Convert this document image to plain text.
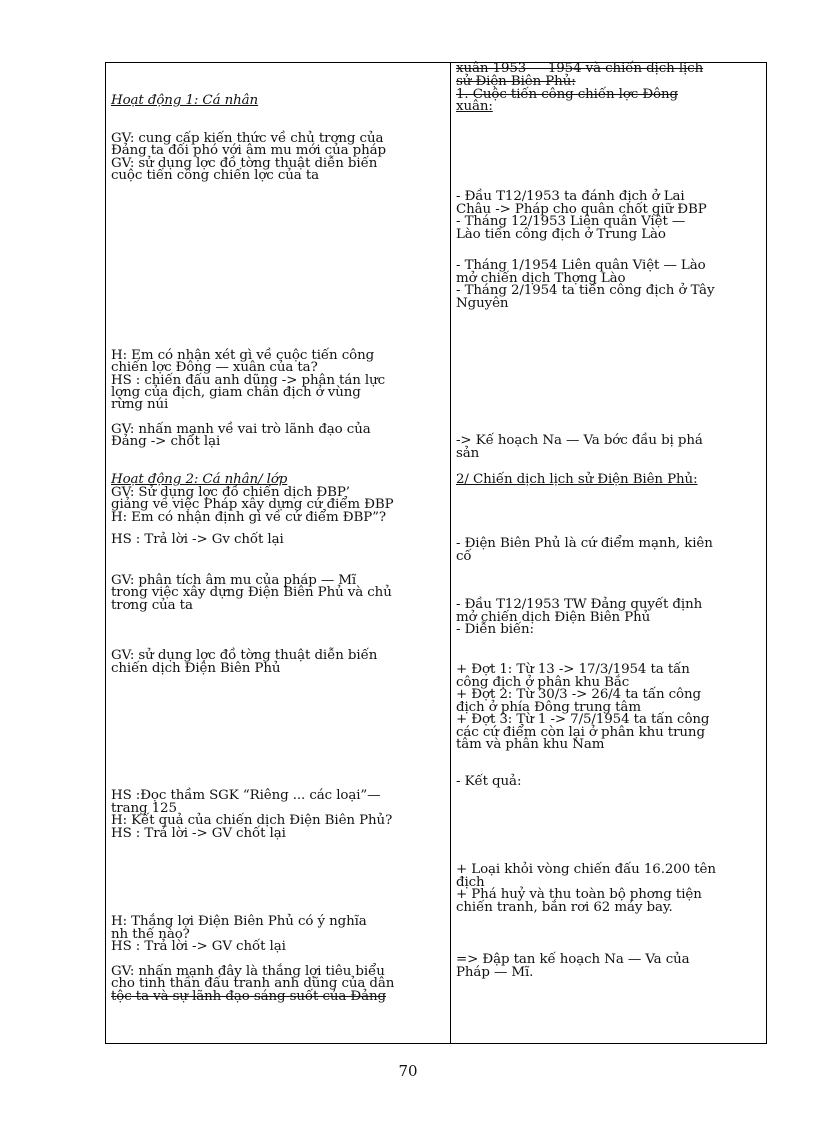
Hoạt động 1: Cá nhân
GV: cung cấp kiến thức về chủ trơng của
Đảng ta đối phó với âm mu mới của pháp
GV: sử dụng lợc đồ tờng thuật diễn biến
cuộc tiến công chiến lợc của ta
H: Em có nhận xét gì về cuộc tiến công
chiến lợc Đông — xuân của ta?
HS : chiến đấu anh dũng -> phân tán lực
lợng của địch, giam chân địch ở vùng
rừng núi
GV: nhấn mạnh về vai trò lãnh đạo của
Đảng -> chốt lại
Hoạt động 2: Cá nhân/ lớp
GV: Sử dụng lợc đồ chiến dịch ĐBP’
giảng về việc Pháp xây dựng cứ điểm ĐBP
H: Em có nhận định gì về cứ điểm ĐBP”?
HS : Trả lời -> Gv chốt lại
GV: phân tích âm mu của pháp — Mĩ
trong việc xây dựng Điện Biên Phủ và chủ
trơng của ta
GV: sử dụng lợc đồ tờng thuật diễn biến
chiến dịch Điện Biên Phủ
HS :Đọc thầm SGK “Riêng ... các loại”—
trang 125
H: Kết quả của chiến dịch Điện Biên Phủ?
HS : Trả lời -> GV chốt lại
H: Thắng lợi Điện Biên Phủ có ý nghĩa
nh thế nào?
HS : Trả lời -> GV chốt lại
GV: nhấn mạnh đây là thắng lợi tiêu biểu
cho tinh thần đấu tranh anh dũng của dân
tộc ta và sự lãnh đạo sáng suốt của Đảng
xuân 1953 — 1954 và chiến dịch lịch
sử Điện Biên Phủ:
1. Cuộc tiến công chiến lợc Đông
xuân:
- Đầu T12/1953 ta đánh địch ở Lai
Châu -> Pháp cho quân chốt giữ ĐBP
- Tháng 12/1953 Liên quân Việt —
Lào tiến công địch ở Trung Lào
- Tháng 1/1954 Liên quân Việt — Lào
mở chiến dịch Thợng Lào
- Tháng 2/1954 ta tiến công địch ở Tây
Nguyên
-> Kế hoạch Na — Va bớc đầu bị phá
sản
2/ Chiến dịch lịch sử Điện Biên Phủ:
- Điện Biên Phủ là cứ điểm mạnh, kiên
cố
- Đầu T12/1953 TW Đảng quyết định
mở chiến dịch Điện Biên Phủ
- Diễn biến:
+ Đợt 1: Từ 13 -> 17/3/1954 ta tấn
công địch ở phân khu Bắc
+ Đợt 2: Từ 30/3 -> 26/4 ta tấn công
địch ở phía Đông trung tâm
+ Đợt 3: Từ 1 -> 7/5/1954 ta tấn công
các cứ điểm còn lại ở phân khu trung
tâm và phân khu Nam
- Kết quả:
+ Loại khỏi vòng chiến đấu 16.200 tên
địch
+ Phá huỷ và thu toàn bộ phơng tiện
chiến tranh, bắn rơi 62 máy bay.
=> Đập tan kế hoạch Na — Va của
Pháp — Mĩ.
70
